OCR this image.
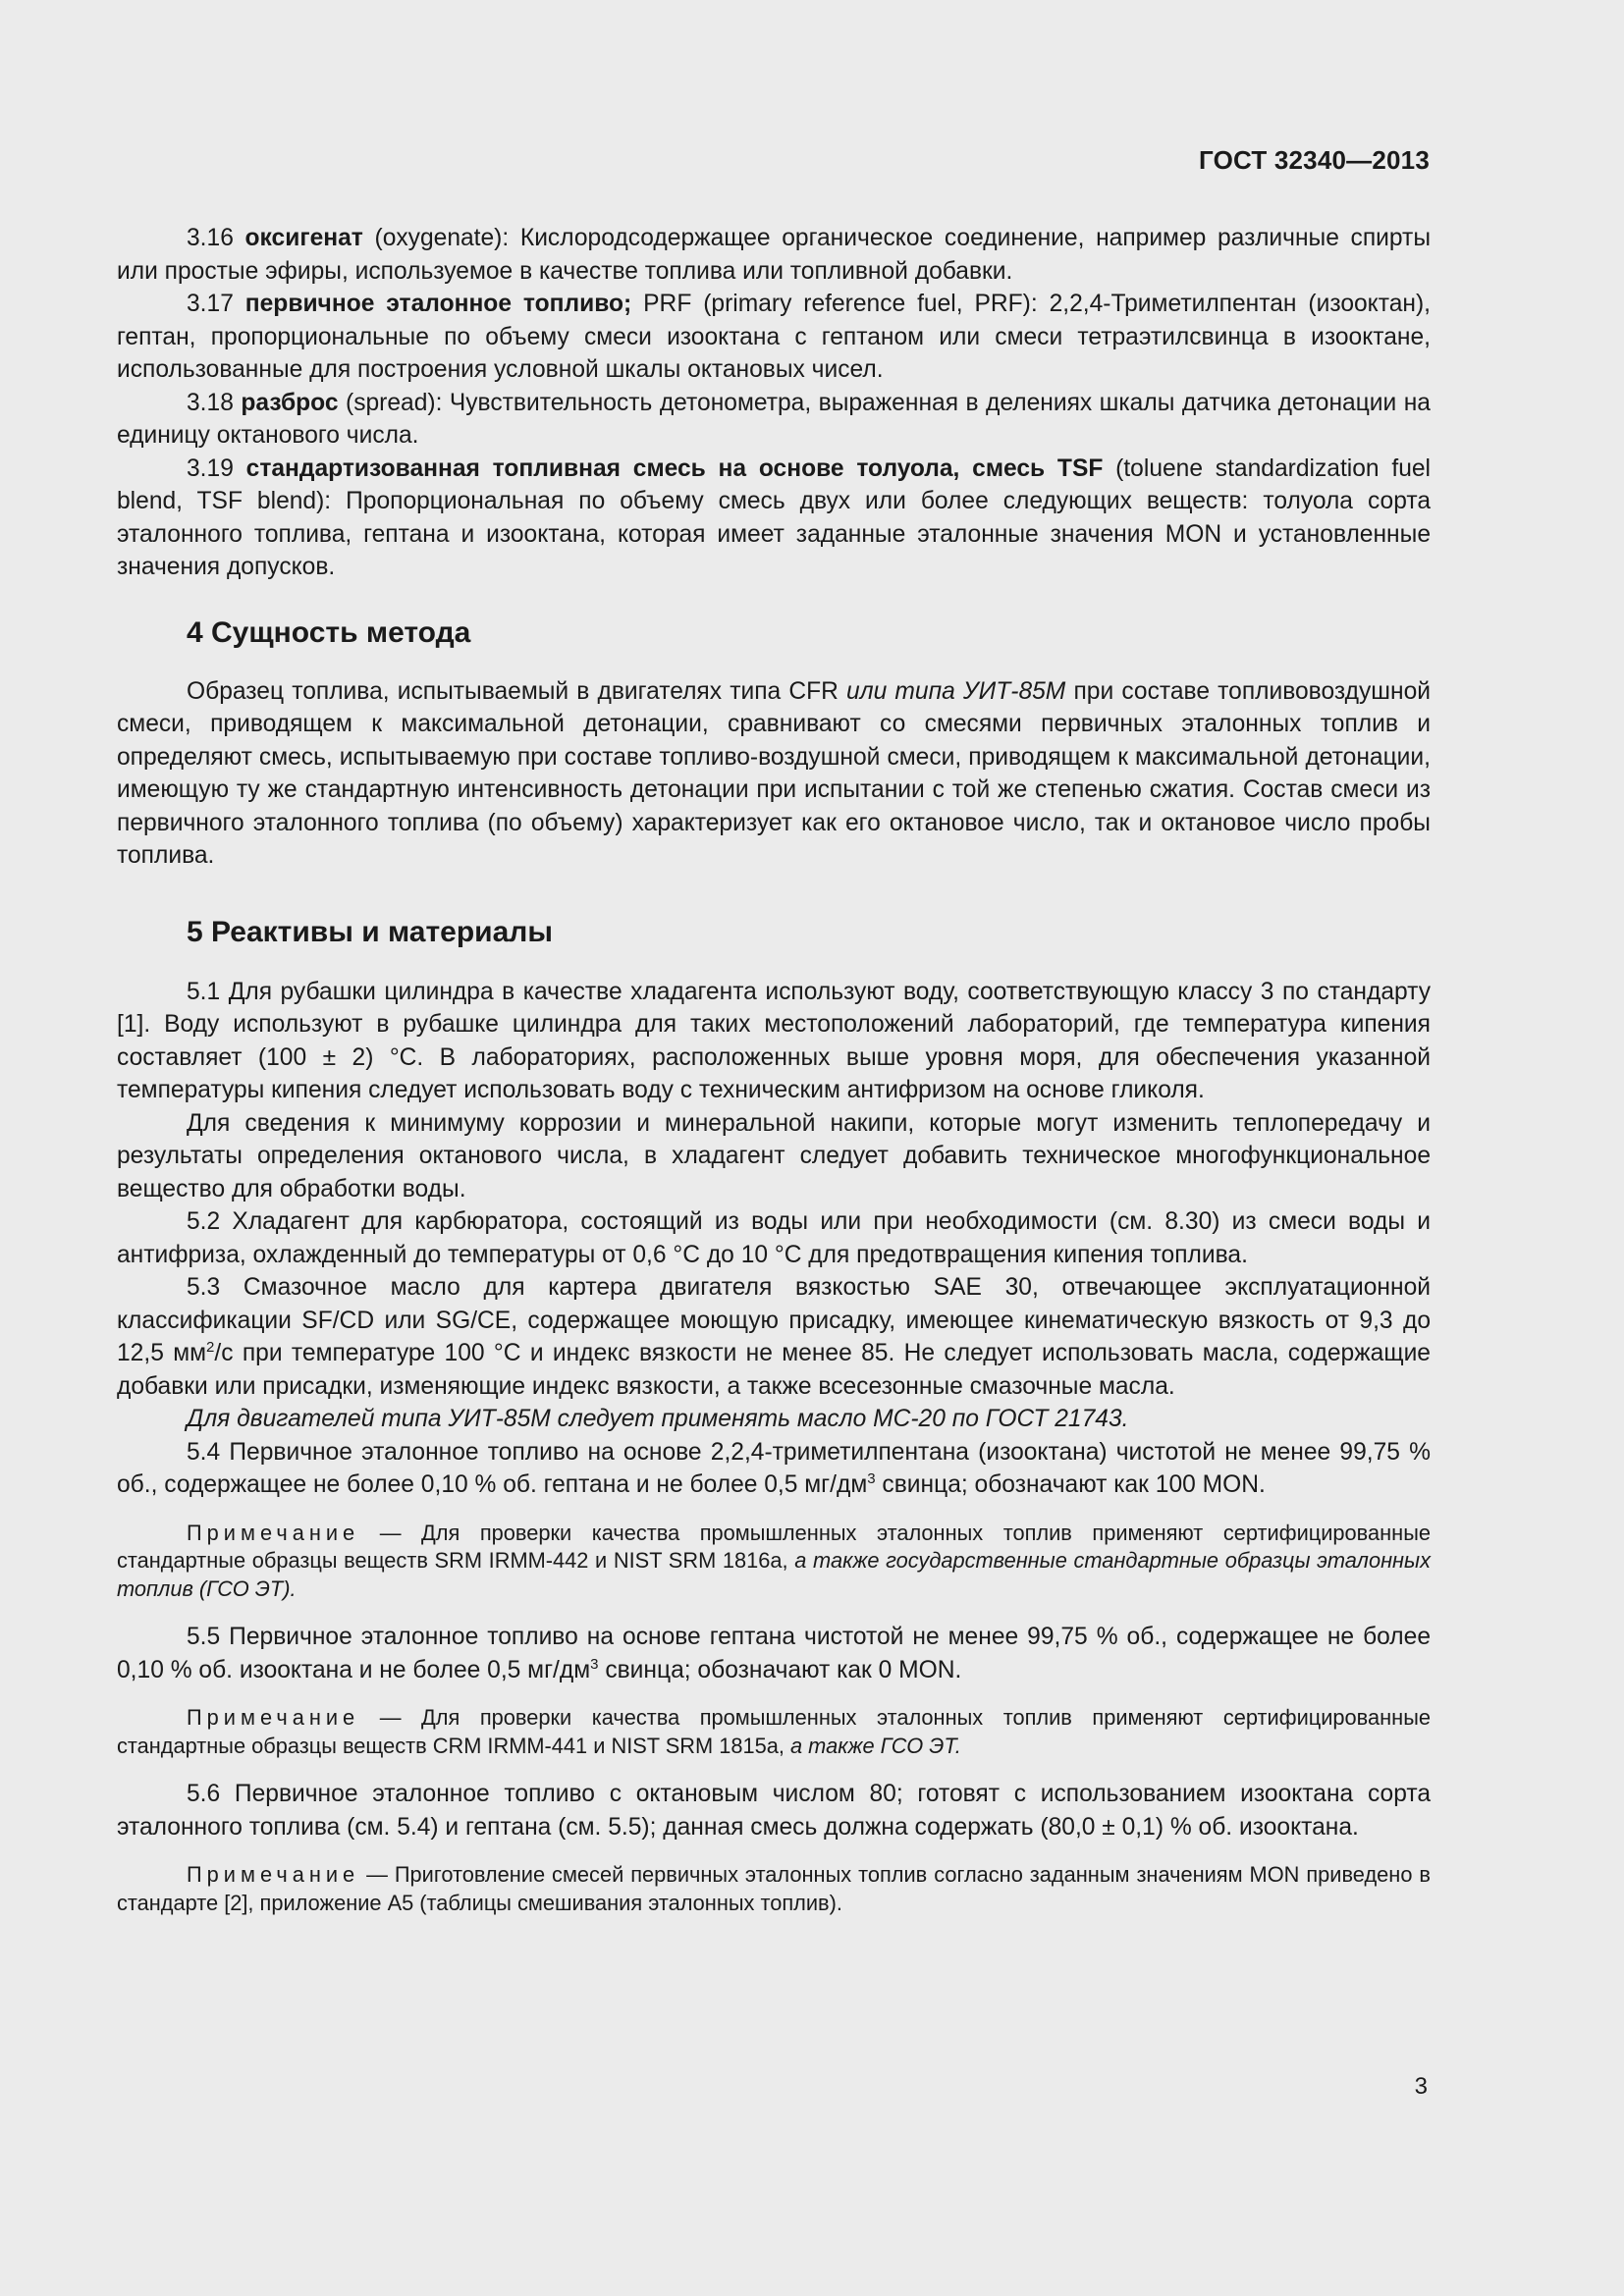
ГОСТ 32340—2013

3.16 оксигенат (oxygenate): Кислородсодержащее органическое соединение, например различные спирты или простые эфиры, используемое в качестве топлива или топливной добавки.

3.17 первичное эталонное топливо; PRF (primary reference fuel, PRF): 2,2,4-Триметилпентан (изооктан), гептан, пропорциональные по объему смеси изооктана с гептаном или смеси тетраэтилсвинца в изооктане, использованные для построения условной шкалы октановых чисел.

3.18 разброс (spread): Чувствительность детонометра, выраженная в делениях шкалы датчика детонации на единицу октанового числа.

3.19 стандартизованная топливная смесь на основе толуола, смесь TSF (toluene standardization fuel blend, TSF blend): Пропорциональная по объему смесь двух или более следующих веществ: толуола сорта эталонного топлива, гептана и изооктана, которая имеет заданные эталонные значения MON и установленные значения допусков.

4 Сущность метода

Образец топлива, испытываемый в двигателях типа CFR или типа УИТ-85М при составе топливовоздушной смеси, приводящем к максимальной детонации, сравнивают со смесями первичных эталонных топлив и определяют смесь, испытываемую при составе топливо-воздушной смеси, приводящем к максимальной детонации, имеющую ту же стандартную интенсивность детонации при испытании с той же степенью сжатия. Состав смеси из первичного эталонного топлива (по объему) характеризует как его октановое число, так и октановое число пробы топлива.

5 Реактивы и материалы

5.1 Для рубашки цилиндра в качестве хладагента используют воду, соответствующую классу 3 по стандарту [1]. Воду используют в рубашке цилиндра для таких местоположений лабораторий, где температура кипения составляет (100 ± 2) °С. В лабораториях, расположенных выше уровня моря, для обеспечения указанной температуры кипения следует использовать воду с техническим антифризом на основе гликоля.

Для сведения к минимуму коррозии и минеральной накипи, которые могут изменить теплопередачу и результаты определения октанового числа, в хладагент следует добавить техническое многофункциональное вещество для обработки воды.

5.2 Хладагент для карбюратора, состоящий из воды или при необходимости (см. 8.30) из смеси воды и антифриза, охлажденный до температуры от 0,6 °С до 10 °С для предотвращения кипения топлива.

5.3 Смазочное масло для картера двигателя вязкостью SAE 30, отвечающее эксплуатационной классификации SF/CD или SG/CE, содержащее моющую присадку, имеющее кинематическую вязкость от 9,3 до 12,5 $мм^2/с$ при температуре 100 °С и индекс вязкости не менее 85. Не следует использовать масла, содержащие добавки или присадки, изменяющие индекс вязкости, а также всесезонные смазочные масла.

Для двигателей типа УИТ-85М следует применять масло МС-20 по ГОСТ 21743.

5.4 Первичное эталонное топливо на основе 2,2,4-триметилпентана (изооктана) чистотой не менее 99,75 % об., содержащее не более 0,10 % об. гептана и не более 0,5 $мг/дм^3$ свинца; обозначают как 100 MON.

Примечание — Для проверки качества промышленных эталонных топлив применяют сертифицированные стандартные образцы веществ SRM IRMM-442 и NIST SRM 1816a, а также государственные стандартные образцы эталонных топлив (ГСО ЭТ).

5.5 Первичное эталонное топливо на основе гептана чистотой не менее 99,75 % об., содержащее не более 0,10 % об. изооктана и не более 0,5 $мг/дм^3$ свинца; обозначают как 0 MON.

Примечание — Для проверки качества промышленных эталонных топлив применяют сертифицированные стандартные образцы веществ CRM IRMM-441 и NIST SRM 1815a, а также ГСО ЭТ.

5.6 Первичное эталонное топливо с октановым числом 80; готовят с использованием изооктана сорта эталонного топлива (см. 5.4) и гептана (см. 5.5); данная смесь должна содержать (80,0 ± 0,1) % об. изооктана.

Примечание — Приготовление смесей первичных эталонных топлив согласно заданным значениям MON приведено в стандарте [2], приложение А5 (таблицы смешивания эталонных топлив).

3
